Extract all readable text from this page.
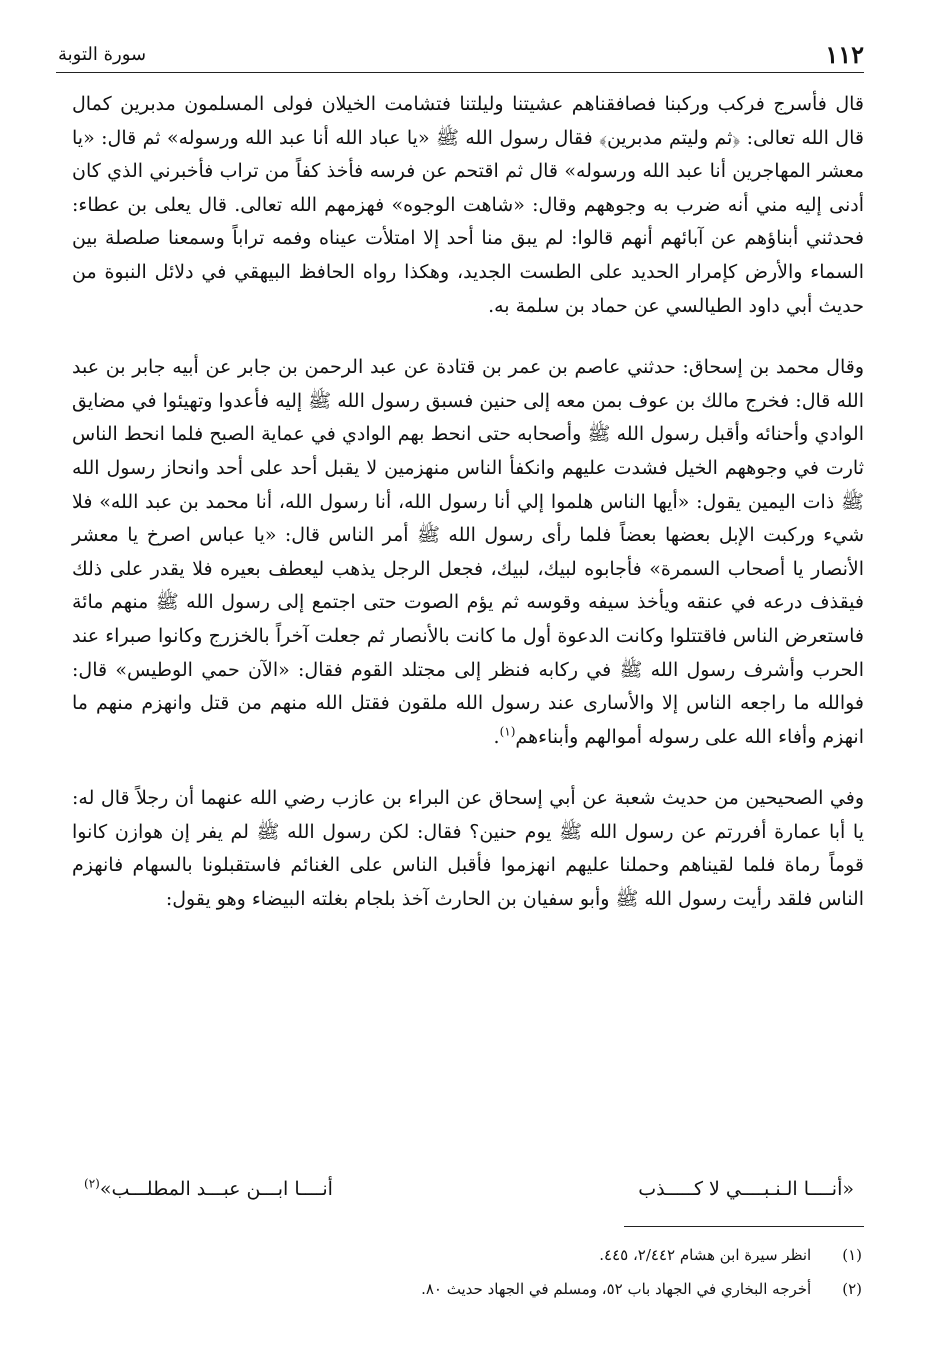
١١٢
سورة التوبة

قال فأسرج فركب وركبنا فصافقناهم عشيتنا وليلتنا فتشامت الخيلان فولى المسلمون مدبرين كمال قال الله تعالى: ﴿ثم وليتم مدبرين﴾ فقال رسول الله ﷺ «يا عباد الله أنا عبد الله ورسوله» ثم قال: «يا معشر المهاجرين أنا عبد الله ورسوله» قال ثم اقتحم عن فرسه فأخذ كفاً من تراب فأخبرني الذي كان أدنى إليه مني أنه ضرب به وجوههم وقال: «شاهت الوجوه» فهزمهم الله تعالى. قال يعلى بن عطاء: فحدثني أبناؤهم عن آبائهم أنهم قالوا: لم يبق منا أحد إلا امتلأت عيناه وفمه تراباً وسمعنا صلصلة بين السماء والأرض كإمرار الحديد على الطست الجديد، وهكذا رواه الحافظ البيهقي في دلائل النبوة من حديث أبي داود الطيالسي عن حماد بن سلمة به.

وقال محمد بن إسحاق: حدثني عاصم بن عمر بن قتادة عن عبد الرحمن بن جابر عن أبيه جابر بن عبد الله قال: فخرج مالك بن عوف بمن معه إلى حنين فسبق رسول الله ﷺ إليه فأعدوا وتهيئوا في مضايق الوادي وأحنائه وأقبل رسول الله ﷺ وأصحابه حتى انحط بهم الوادي في عماية الصبح فلما انحط الناس ثارت في وجوههم الخيل فشدت عليهم وانكفأ الناس منهزمين لا يقبل أحد على أحد وانحاز رسول الله ﷺ ذات اليمين يقول: «أيها الناس هلموا إلي أنا رسول الله، أنا رسول الله، أنا محمد بن عبد الله» فلا شيء وركبت الإبل بعضها بعضاً فلما رأى رسول الله ﷺ أمر الناس قال: «يا عباس اصرخ يا معشر الأنصار يا أصحاب السمرة» فأجابوه لبيك، لبيك، فجعل الرجل يذهب ليعطف بعيره فلا يقدر على ذلك فيقذف درعه في عنقه ويأخذ سيفه وقوسه ثم يؤم الصوت حتى اجتمع إلى رسول الله ﷺ منهم مائة فاستعرض الناس فاقتتلوا وكانت الدعوة أول ما كانت بالأنصار ثم جعلت آخراً بالخزرج وكانوا صبراء عند الحرب وأشرف رسول الله ﷺ في ركابه فنظر إلى مجتلد القوم فقال: «الآن حمي الوطيس» قال: فوالله ما راجعه الناس إلا والأسارى عند رسول الله ملقون فقتل الله منهم من قتل وانهزم منهم ما انهزم وأفاء الله على رسوله أموالهم وأبناءهم$^{(١)}$.

وفي الصحيحين من حديث شعبة عن أبي إسحاق عن البراء بن عازب رضي الله عنهما أن رجلاً قال له: يا أبا عمارة أفررتم عن رسول الله ﷺ يوم حنين؟ فقال: لكن رسول الله ﷺ لم يفر إن هوازن كانوا قوماً رماة فلما لقيناهم وحملنا عليهم انهزموا فأقبل الناس على الغنائم فاستقبلونا بالسهام فانهزم الناس فلقد رأيت رسول الله ﷺ وأبو سفيان بن الحارث آخذ بلجام بغلته البيضاء وهو يقول:

«أنــــا الـنـبــــي لا كـــــذب
أنــــا ابـــن عبـــد المطلـــب»$^{(٢)}$
(١) انظر سيرة ابن هشام ٢/٤٤٢، ٤٤٥.
(٢) أخرجه البخاري في الجهاد باب ٥٢، ومسلم في الجهاد حديث ٨٠.
